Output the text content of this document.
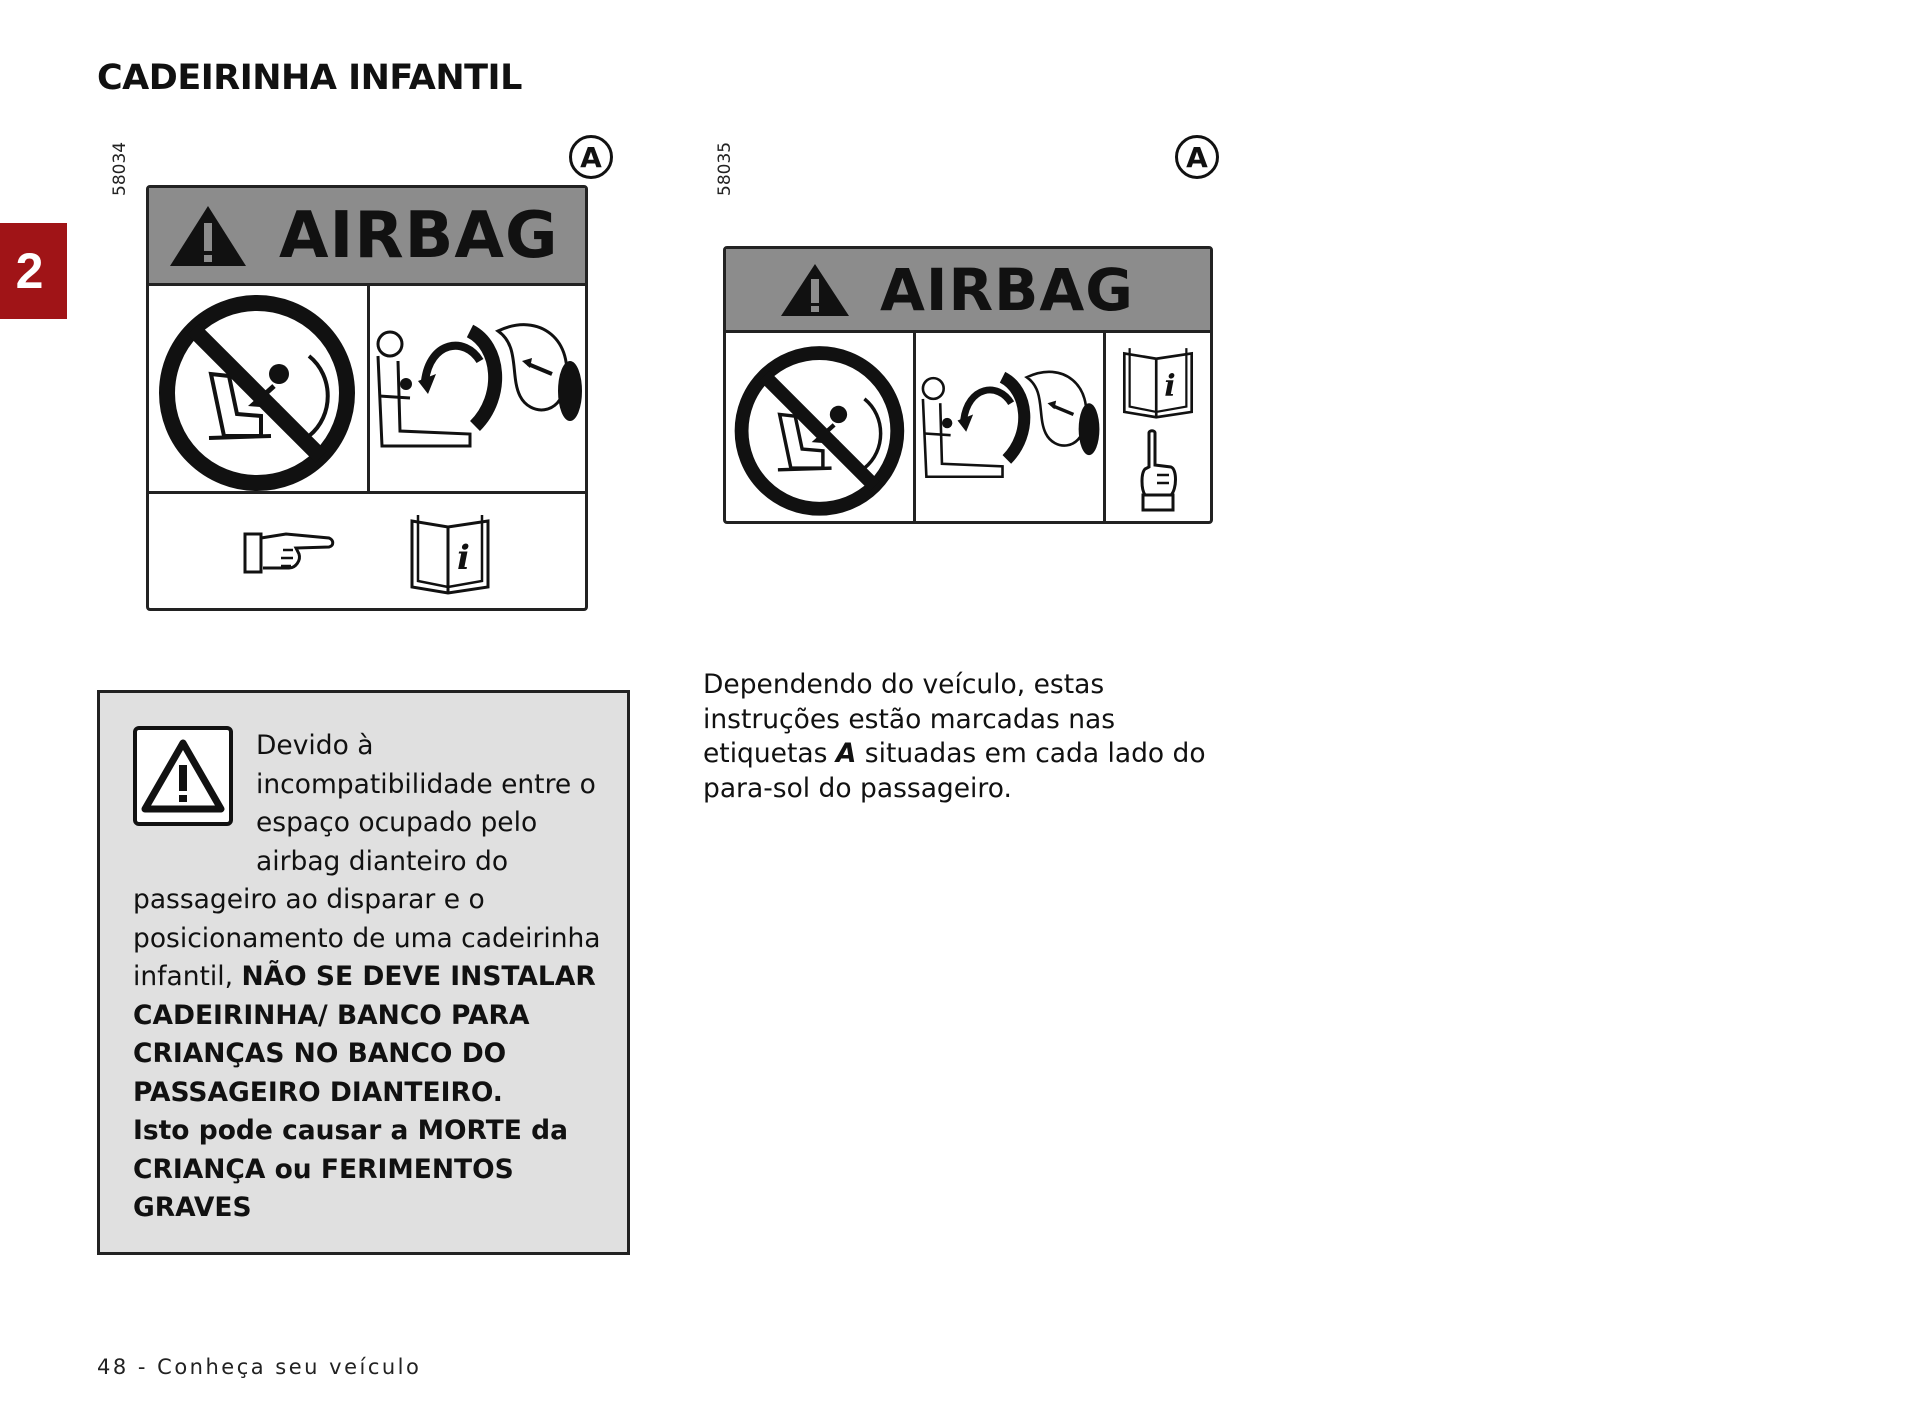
CADEIRINHA INFANTIL
2
58034	A
AIRBAG
i
58035	A
AIRBAG
i
Devido à incompatibilidade entre o espaço ocupado pelo airbag dianteiro do passageiro ao disparar e o posicionamento de uma cadeirinha infantil, NÃO SE DEVE INSTALAR CADEIRINHA/ BANCO PARA CRIANÇAS NO BANCO DO PASSAGEIRO DIANTEIRO.
Isto pode causar a MORTE da CRIANÇA ou FERIMENTOS GRAVES
Dependendo do veículo, estas instruções estão marcadas nas etiquetas A situadas em cada lado do para-sol do passageiro.
48 - Conheça seu veículo
